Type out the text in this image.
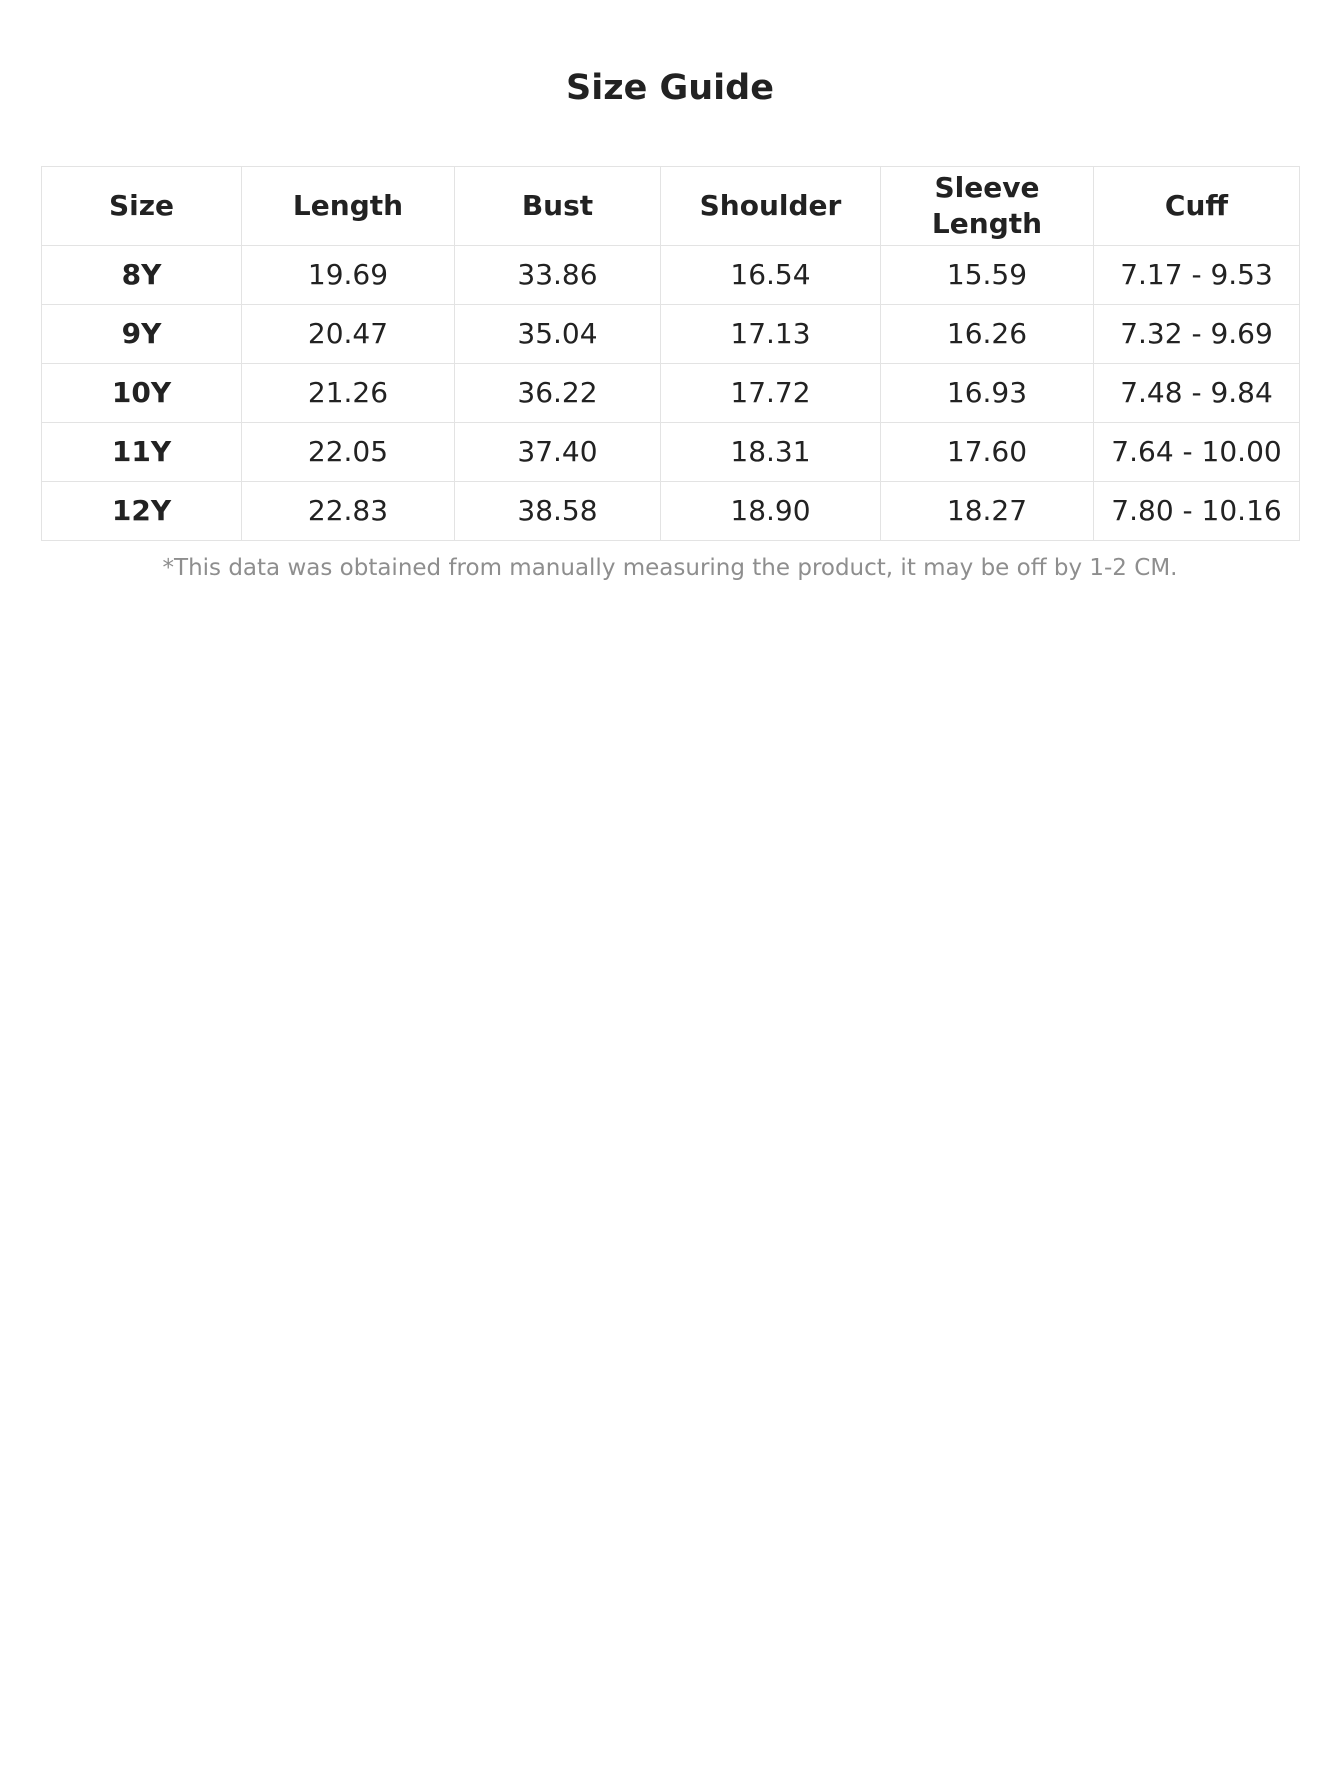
Size Guide
Size	Length	Bust	Shoulder	Sleeve Length	Cuff
8Y	19.69	33.86	16.54	15.59	7.17 - 9.53
9Y	20.47	35.04	17.13	16.26	7.32 - 9.69
10Y	21.26	36.22	17.72	16.93	7.48 - 9.84
11Y	22.05	37.40	18.31	17.60	7.64 - 10.00
12Y	22.83	38.58	18.90	18.27	7.80 - 10.16
*This data was obtained from manually measuring the product, it may be off by 1-2 CM.
